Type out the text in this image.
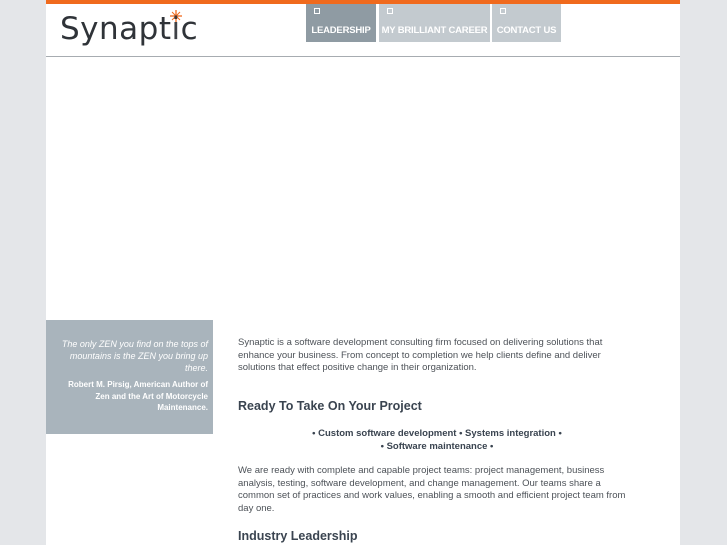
Synapt
ic	LEADERSHIP	MY BRILLIANT CAREER CONTACT US
The only ZEN you find on the tops of mountains is the ZEN you bring up there.
Robert M. Pirsig, American Author of Zen and the Art of Motorcycle Maintenance.

Synaptic is a software development consulting firm focused on delivering solutions that enhance your business. From concept to completion we help clients define and deliver solutions that effect positive change in their organization.

Ready To Take On Your Project
• Custom software development • Systems integration •
• Software maintenance •

We are ready with complete and capable project teams: project management, business analysis, testing, software development, and change management. Our teams share a common set of practices and work values, enabling a smooth and efficient project team from day one.

Industry Leadership
